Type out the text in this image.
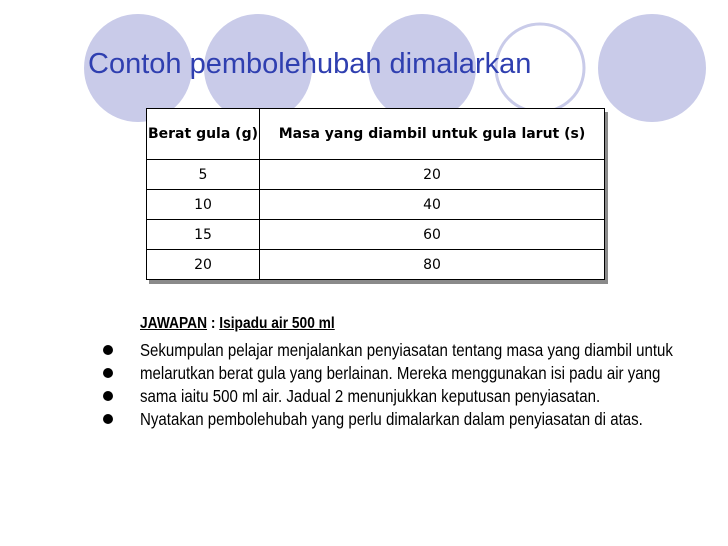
Contoh pembolehubah dimalarkan
Berat gula (g)	Masa yang diambil untuk gula larut (s)
5	20
10	40
15	60
20	80
JAWAPAN : Isipadu air 500 ml
Sekumpulan pelajar menjalankan penyiasatan tentang masa yang diambil untuk
melarutkan berat gula yang berlainan. Mereka menggunakan isi padu air yang
sama iaitu 500 ml air. Jadual 2 menunjukkan keputusan penyiasatan.
Nyatakan pembolehubah yang perlu dimalarkan dalam penyiasatan di atas.
